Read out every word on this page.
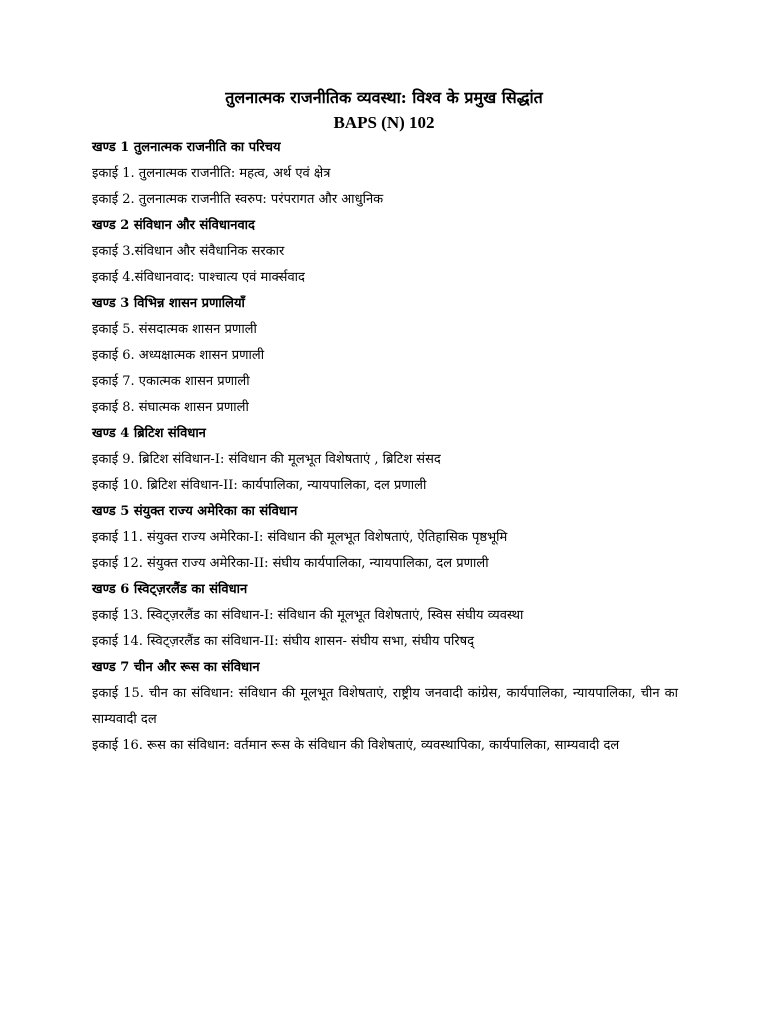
तुलनात्मक राजनीतिक व्यवस्था: विश्व के प्रमुख सिद्धांत
BAPS (N) 102
खण्ड 1 तुलनात्मक राजनीति का परिचय
इकाई 1. तुलनात्मक राजनीति: महत्व, अर्थ एवं क्षेत्र
इकाई 2. तुलनात्मक राजनीति स्वरुप: परंपरागत और आधुनिक
खण्ड 2 संविधान और संविधानवाद
इकाई 3.संविधान और संवैधानिक सरकार
इकाई 4.संविधानवाद: पाश्चात्य एवं मार्क्सवाद
खण्ड 3 विभिन्न शासन प्रणालियाँ
इकाई 5. संसदात्मक शासन प्रणाली
इकाई 6. अध्यक्षात्मक शासन प्रणाली
इकाई 7. एकात्मक शासन प्रणाली
इकाई 8. संघात्मक शासन प्रणाली
खण्ड 4 ब्रिटिश संविधान
इकाई 9. ब्रिटिश संविधान-I: संविधान की मूलभूत विशेषताएं , ब्रिटिश संसद
इकाई 10. ब्रिटिश संविधान-II: कार्यपालिका, न्यायपालिका, दल प्रणाली
खण्ड 5 संयुक्त राज्य अमेरिका का संविधान
इकाई 11. संयुक्त राज्य अमेरिका-I: संविधान की मूलभूत विशेषताएं, ऐतिहासिक पृष्ठभूमि
इकाई 12. संयुक्त राज्य अमेरिका-II: संघीय कार्यपालिका, न्यायपालिका, दल प्रणाली
खण्ड 6 स्विट्ज़रलैंड का संविधान
इकाई 13. स्विट्ज़रलैंड का संविधान-I: संविधान की मूलभूत विशेषताएं, स्विस संघीय व्यवस्था
इकाई 14. स्विट्ज़रलैंड का संविधान-II: संघीय शासन- संघीय सभा, संघीय परिषद्
खण्ड 7 चीन और रूस का संविधान
इकाई 15. चीन का संविधान: संविधान की मूलभूत विशेषताएं, राष्ट्रीय जनवादी कांग्रेस, कार्यपालिका, न्यायपालिका, चीन का साम्यवादी दल
इकाई 16. रूस का संविधान: वर्तमान रूस के संविधान की विशेषताएं, व्यवस्थापिका, कार्यपालिका, साम्यवादी दल
